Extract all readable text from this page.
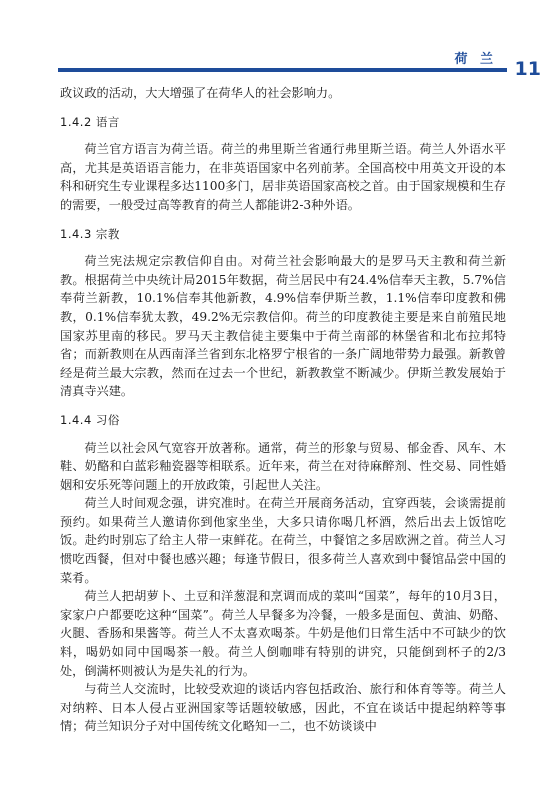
荷 兰 11

政议政的活动，大大增强了在荷华人的社会影响力。

1.4.2 语言

荷兰官方语言为荷兰语。荷兰的弗里斯兰省通行弗里斯兰语。荷兰人外语水平高，尤其是英语语言能力，在非英语国家中名列前茅。全国高校中用英文开设的本科和研究生专业课程多达1100多门，居非英语国家高校之首。由于国家规模和生存的需要，一般受过高等教育的荷兰人都能讲2-3种外语。

1.4.3 宗教

荷兰宪法规定宗教信仰自由。对荷兰社会影响最大的是罗马天主教和荷兰新教。根据荷兰中央统计局2015年数据，荷兰居民中有24.4%信奉天主教，5.7%信奉荷兰新教，10.1%信奉其他新教，4.9%信奉伊斯兰教，1.1%信奉印度教和佛教，0.1%信奉犹太教，49.2%无宗教信仰。荷兰的印度教徒主要是来自前殖民地国家苏里南的移民。罗马天主教信徒主要集中于荷兰南部的林堡省和北布拉邦特省；而新教则在从西南泽兰省到东北格罗宁根省的一条广阔地带势力最强。新教曾经是荷兰最大宗教，然而在过去一个世纪，新教教堂不断减少。伊斯兰教发展始于清真寺兴建。

1.4.4 习俗

荷兰以社会风气宽容开放著称。通常，荷兰的形象与贸易、郁金香、风车、木鞋、奶酪和白蓝彩釉瓷器等相联系。近年来，荷兰在对待麻醉剂、性交易、同性婚姻和安乐死等问题上的开放政策，引起世人关注。

荷兰人时间观念强，讲究准时。在荷兰开展商务活动，宜穿西装，会谈需提前预约。如果荷兰人邀请你到他家坐坐，大多只请你喝几杯酒，然后出去上饭馆吃饭。赴约时别忘了给主人带一束鲜花。在荷兰，中餐馆之多居欧洲之首。荷兰人习惯吃西餐，但对中餐也感兴趣；每逢节假日，很多荷兰人喜欢到中餐馆品尝中国的菜肴。

荷兰人把胡萝卜、土豆和洋葱混和烹调而成的菜叫“国菜”，每年的10月3日，家家户户都要吃这种“国菜”。荷兰人早餐多为冷餐，一般多是面包、黄油、奶酪、火腿、香肠和果酱等。荷兰人不太喜欢喝茶。牛奶是他们日常生活中不可缺少的饮料，喝奶如同中国喝茶一般。荷兰人倒咖啡有特别的讲究，只能倒到杯子的2/3处，倒满杯则被认为是失礼的行为。

与荷兰人交流时，比较受欢迎的谈话内容包括政治、旅行和体育等等。荷兰人对纳粹、日本人侵占亚洲国家等话题较敏感，因此，不宜在谈话中提起纳粹等事情；荷兰知识分子对中国传统文化略知一二，也不妨谈谈中
